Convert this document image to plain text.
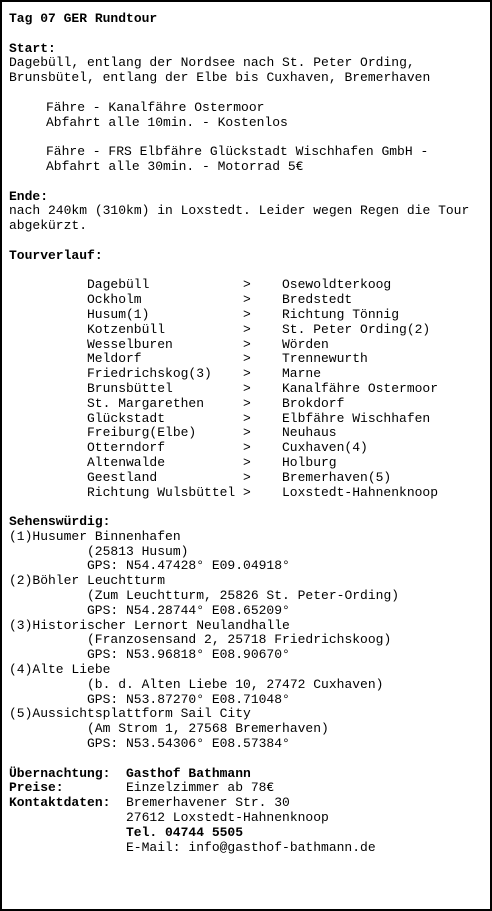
Tag 07 GER Rundtour
Start:
Dagebüll, entlang der Nordsee nach St. Peter Ording,
Brunsbütel, entlang der Elbe bis Cuxhaven, Bremerhaven
Fähre - Kanalfähre Ostermoor
Abfahrt alle 10min. - Kostenlos
Fähre - FRS Elbfähre Glückstadt Wischhafen GmbH -
Abfahrt alle 30min. - Motorrad 5€
Ende:
nach 240km (310km) in Loxstedt. Leider wegen Regen die Tour
abgekürzt.
Tourverlauf:
Dagebüll	>	Osewoldterkoog
Ockholm	>	Bredstedt
Husum(1)	>	Richtung Tönnig
Kotzenbüll	>	St. Peter Ording(2)
Wesselburen	>	Wörden
Meldorf	>	Trennewurth
Friedrichskog(3)	>	Marne
Brunsbüttel	>	Kanalfähre Ostermoor
St. Margarethen	>	Brokdorf
Glückstadt	>	Elbfähre Wischhafen
Freiburg(Elbe)	>	Neuhaus
Otterndorf	>	Cuxhaven(4)
Altenwalde	>	Holburg
Geestland	>	Bremerhaven(5)
Richtung Wulsbüttel >	Loxstedt-Hahnenknoop
Sehenswürdig:
(1)Husumer Binnenhafen
(25813 Husum)
GPS: N54.47428° E09.04918°
(2)Böhler Leuchtturm
(Zum Leuchtturm, 25826 St. Peter-Ording)
GPS: N54.28744° E08.65209°
(3)Historischer Lernort Neulandhalle
(Franzosensand 2, 25718 Friedrichskoog)
GPS: N53.96818° E08.90670°
(4)Alte Liebe
(b. d. Alten Liebe 10, 27472 Cuxhaven)
GPS: N53.87270° E08.71048°
(5)Aussichtsplattform Sail City
(Am Strom 1, 27568 Bremerhaven)
GPS: N53.54306° E08.57384°
Übernachtung:	Gasthof Bathmann
Preise:	Einzelzimmer ab 78€
Kontaktdaten:	Bremerhavener Str. 30
27612 Loxstedt-Hahnenknoop
Tel. 04744 5505
E-Mail: info@gasthof-bathmann.de
